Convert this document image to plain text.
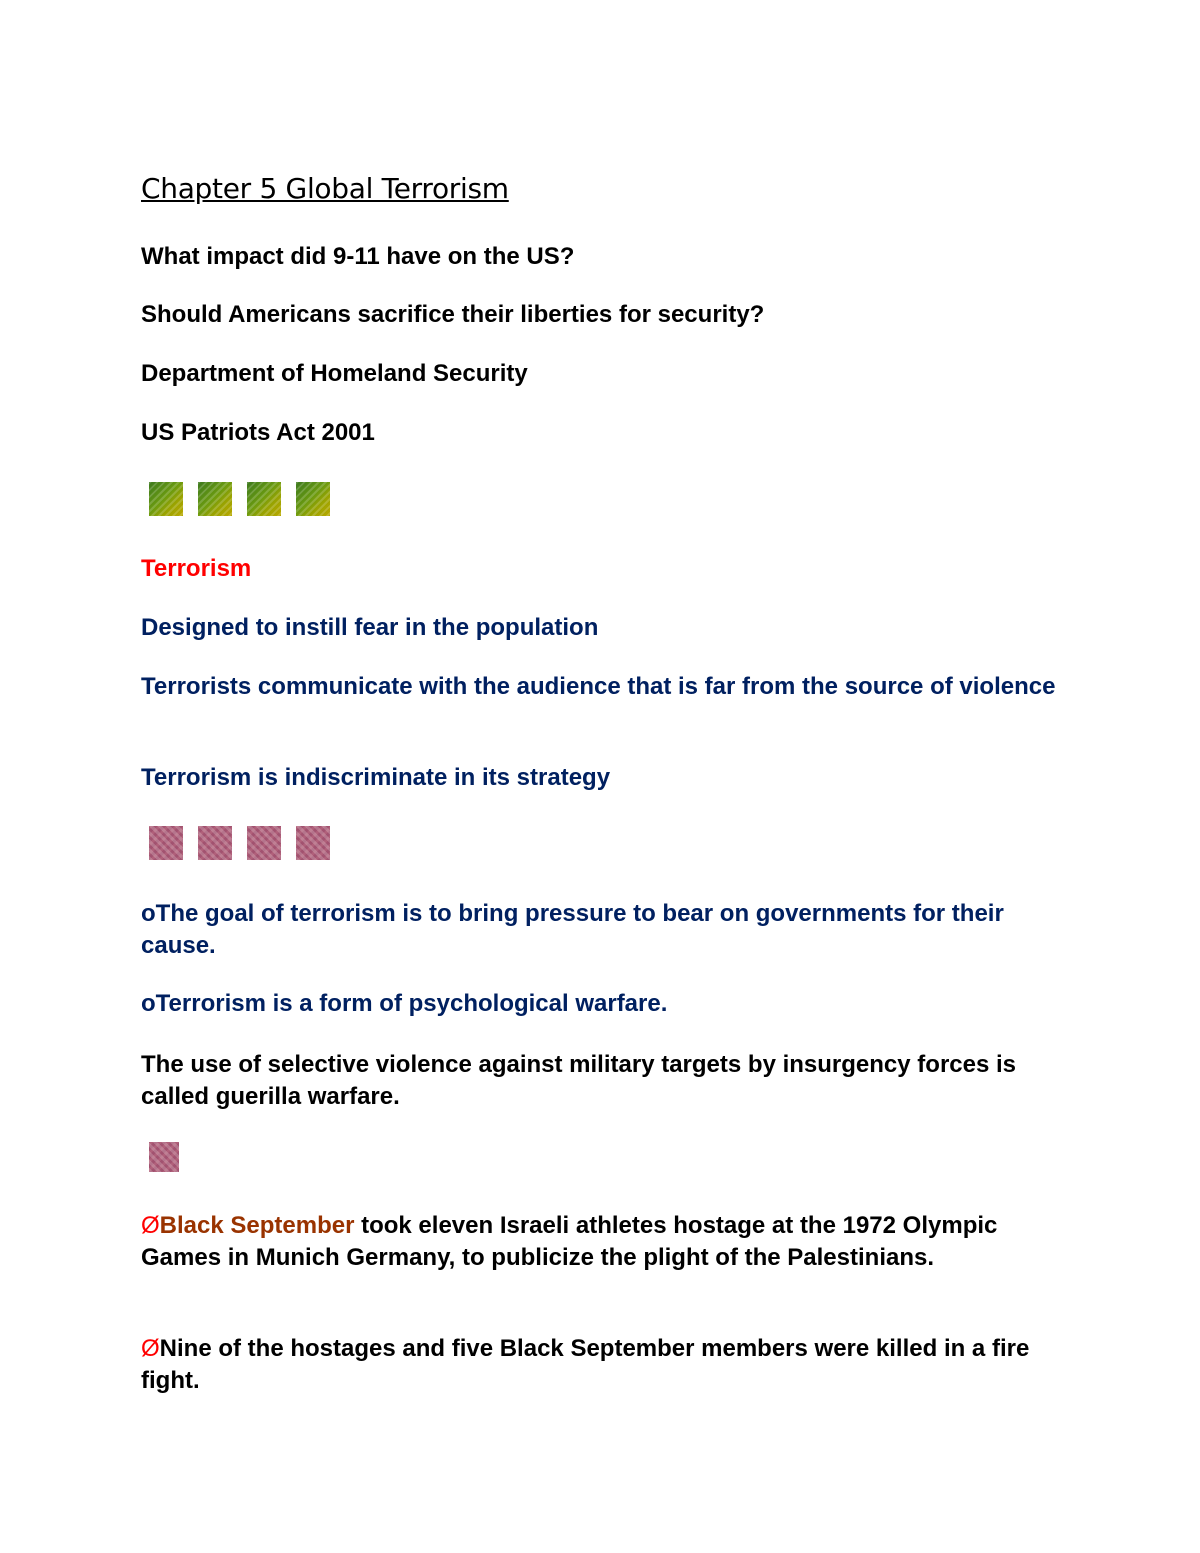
Chapter 5 Global Terrorism
What impact did 9-11 have on the US?
Should Americans sacrifice their liberties for security?
Department of Homeland Security
US Patriots Act 2001
Terrorism
Designed to instill fear in the population
Terrorists communicate with the audience that is far from the source of violence
Terrorism is indiscriminate in its strategy
oThe goal of terrorism is to bring pressure to bear on governments for their cause.
oTerrorism is a form of psychological warfare.
The use of selective violence against military targets by insurgency forces is called guerilla warfare.
ØBlack September took eleven Israeli athletes hostage at the 1972 Olympic Games in Munich Germany, to publicize the plight of the Palestinians.
ØNine of the hostages and five Black September members were killed in a fire fight.
